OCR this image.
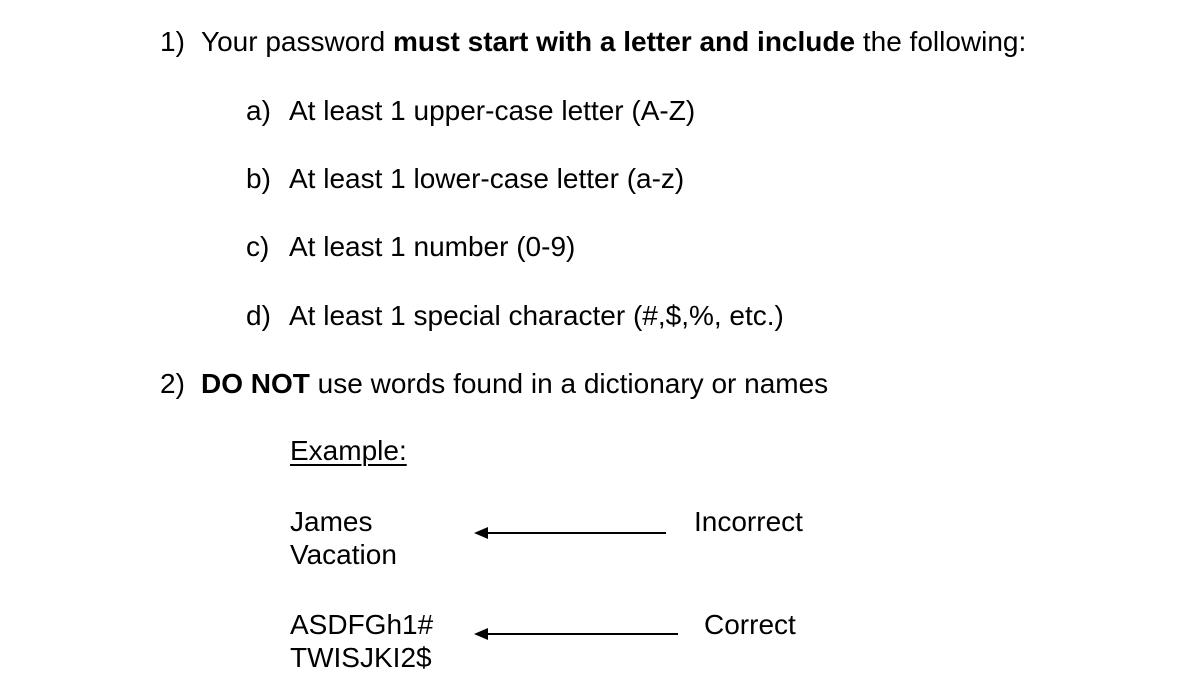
1) Your password must start with a letter and include the following:
a) At least 1 upper-case letter (A-Z)
b) At least 1 lower-case letter (a-z)
c) At least 1 number (0-9)
d) At least 1 special character (#,$,%, etc.)
2) DO NOT use words found in a dictionary or names
Example:
James
Vacation
Incorrect
ASDFGh1#
TWISJKI2$
Correct
